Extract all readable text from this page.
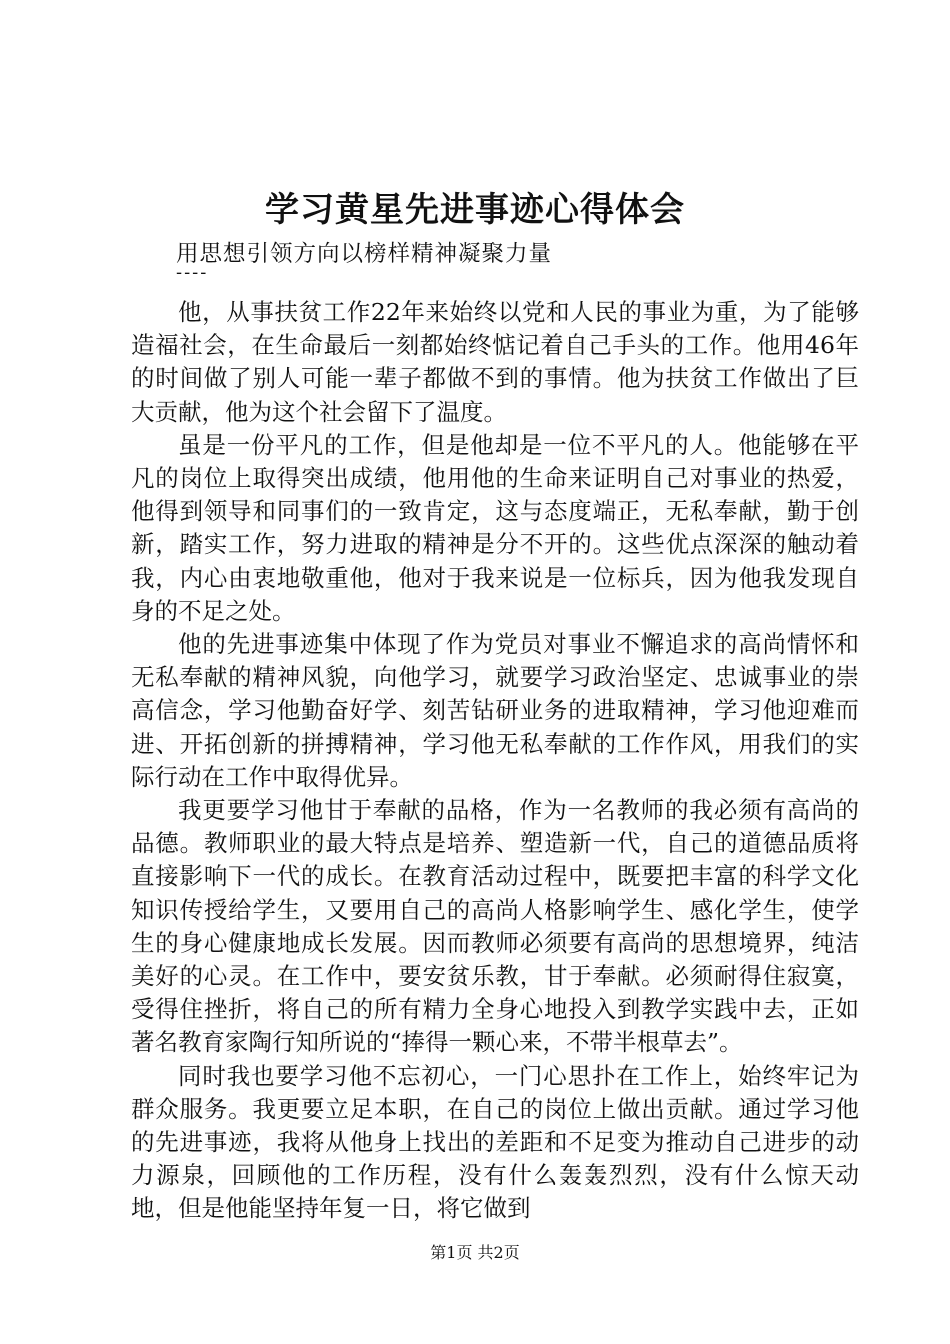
学习黄星先进事迹心得体会
用思想引领方向以榜样精神凝聚力量
----

他，从事扶贫工作22年来始终以党和人民的事业为重，为了能够造福社会，在生命最后一刻都始终惦记着自己手头的工作。他用46年的时间做了别人可能一辈子都做不到的事情。他为扶贫工作做出了巨大贡献，他为这个社会留下了温度。

虽是一份平凡的工作，但是他却是一位不平凡的人。他能够在平凡的岗位上取得突出成绩，他用他的生命来证明自己对事业的热爱，他得到领导和同事们的一致肯定，这与态度端正，无私奉献，勤于创新，踏实工作，努力进取的精神是分不开的。这些优点深深的触动着我，内心由衷地敬重他，他对于我来说是一位标兵，因为他我发现自身的不足之处。

他的先进事迹集中体现了作为党员对事业不懈追求的高尚情怀和无私奉献的精神风貌，向他学习，就要学习政治坚定、忠诚事业的崇高信念，学习他勤奋好学、刻苦钻研业务的进取精神，学习他迎难而进、开拓创新的拼搏精神，学习他无私奉献的工作作风，用我们的实际行动在工作中取得优异。

我更要学习他甘于奉献的品格，作为一名教师的我必须有高尚的品德。教师职业的最大特点是培养、塑造新一代，自己的道德品质将直接影响下一代的成长。在教育活动过程中，既要把丰富的科学文化知识传授给学生，又要用自己的高尚人格影响学生、感化学生，使学生的身心健康地成长发展。因而教师必须要有高尚的思想境界，纯洁美好的心灵。在工作中，要安贫乐教，甘于奉献。必须耐得住寂寞，受得住挫折，将自己的所有精力全身心地投入到教学实践中去，正如著名教育家陶行知所说的“捧得一颗心来，不带半根草去”。

同时我也要学习他不忘初心，一门心思扑在工作上，始终牢记为群众服务。我更要立足本职，在自己的岗位上做出贡献。通过学习他的先进事迹，我将从他身上找出的差距和不足变为推动自己进步的动力源泉，回顾他的工作历程，没有什么轰轰烈烈，没有什么惊天动地，但是他能坚持年复一日，将它做到

第1页 共2页
